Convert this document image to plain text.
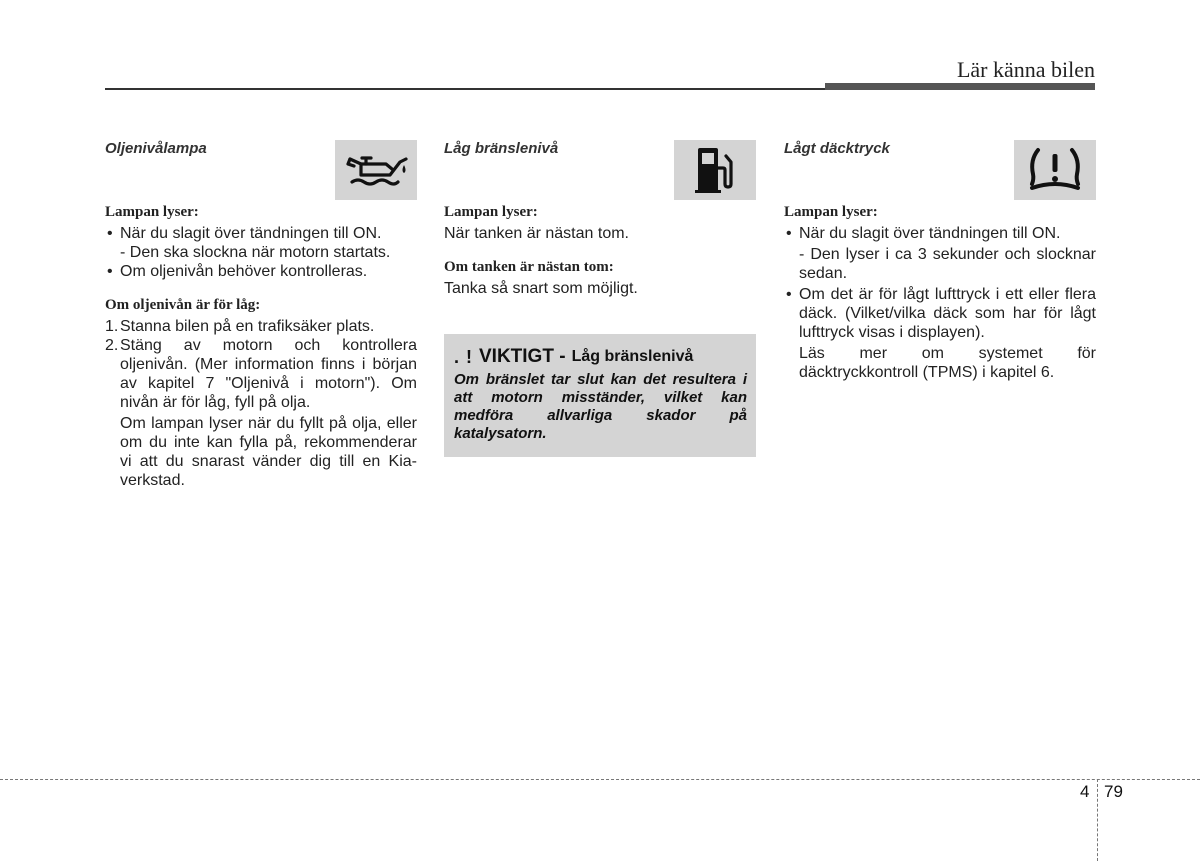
Lär känna bilen
Oljenivålampa

Lampan lyser:

• När du slagit över tändningen till ON.

- Den ska slockna när motorn startats.

• Om oljenivån behöver kontrolleras.

Om oljenivån är för låg:

1. Stanna bilen på en trafiksäker plats.

2. Stäng av motorn och kontrollera oljenivån. (Mer information finns i början av kapitel 7 "Oljenivå i motorn"). Om nivån är för låg, fyll på olja.

Om lampan lyser när du fyllt på olja, eller om du inte kan fylla på, rekommenderar vi att du snarast vänder dig till en Kia-verkstad.

Låg bränslenivå

Lampan lyser:

När tanken är nästan tom.

Om tanken är nästan tom:

Tanka så snart som möjligt.

. ! VIKTIGT - Låg bränslenivå

Om bränslet tar slut kan det resultera i att motorn misständer, vilket kan medföra allvarliga skador på katalysatorn.

Lågt däcktryck

Lampan lyser:

• När du slagit över tändningen till ON.

- Den lyser i ca 3 sekunder och slocknar sedan.

• Om det är för lågt lufttryck i ett eller flera däck. (Vilket/vilka däck som har för lågt lufttryck visas i displayen).

Läs mer om systemet för däcktryckkontroll (TPMS) i kapitel 6.

4 79
